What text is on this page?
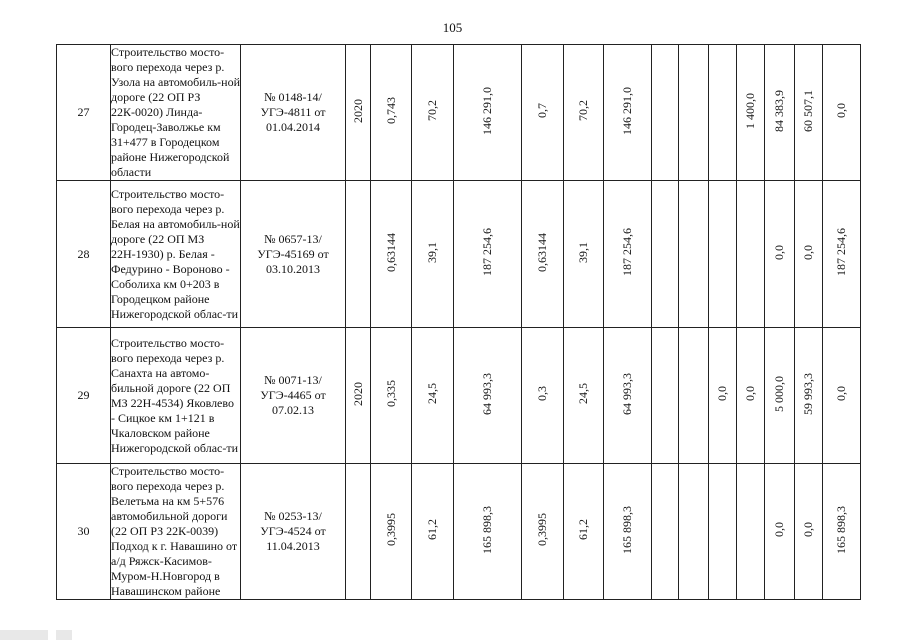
105
27	Строительство мосто-вого перехода через р. Узола на автомобиль-ной дороге (22 ОП РЗ 22К-0020) Линда-Городец-Заволжье км 31+477 в Городецком районе Нижегородской области	№ 0148-14/УГЭ-4811 от 01.04.2014	2020	0,743	70,2	146 291,0	0,7	70,2	146 291,0				1 400,0	84 383,9	60 507,1	0,0
28	Строительство мосто-вого перехода через р. Белая на автомобиль-ной дороге (22 ОП МЗ 22Н-1930) р. Белая - Федурино - Вороново - Соболиха км 0+203 в Городецком районе Нижегородской облас-ти	№ 0657-13/УГЭ-45169 от 03.10.2013		0,63144	39,1	187 254,6	0,63144	39,1	187 254,6					0,0	0,0	187 254,6
29	Строительство мосто-вого перехода через р. Санахта на автомо-бильной дороге (22 ОП МЗ 22Н-4534) Яковлево - Сицкое км 1+121 в Чкаловском районе Нижегородской облас-ти	№ 0071-13/УГЭ-4465 от 07.02.13	2020	0,335	24,5	64 993,3	0,3	24,5	64 993,3			0,0	0,0	5 000,0	59 993,3	0,0
30	Строительство мосто-вого перехода через р. Велетьма на км 5+576 автомобильной дороги (22 ОП РЗ 22К-0039) Подход к г. Навашино от а/д Ряжск-Касимов-Муром-Н.Новгород в Навашинском районе	№ 0253-13/УГЭ-4524 от 11.04.2013		0,3995	61,2	165 898,3	0,3995	61,2	165 898,3					0,0	0,0	165 898,3
